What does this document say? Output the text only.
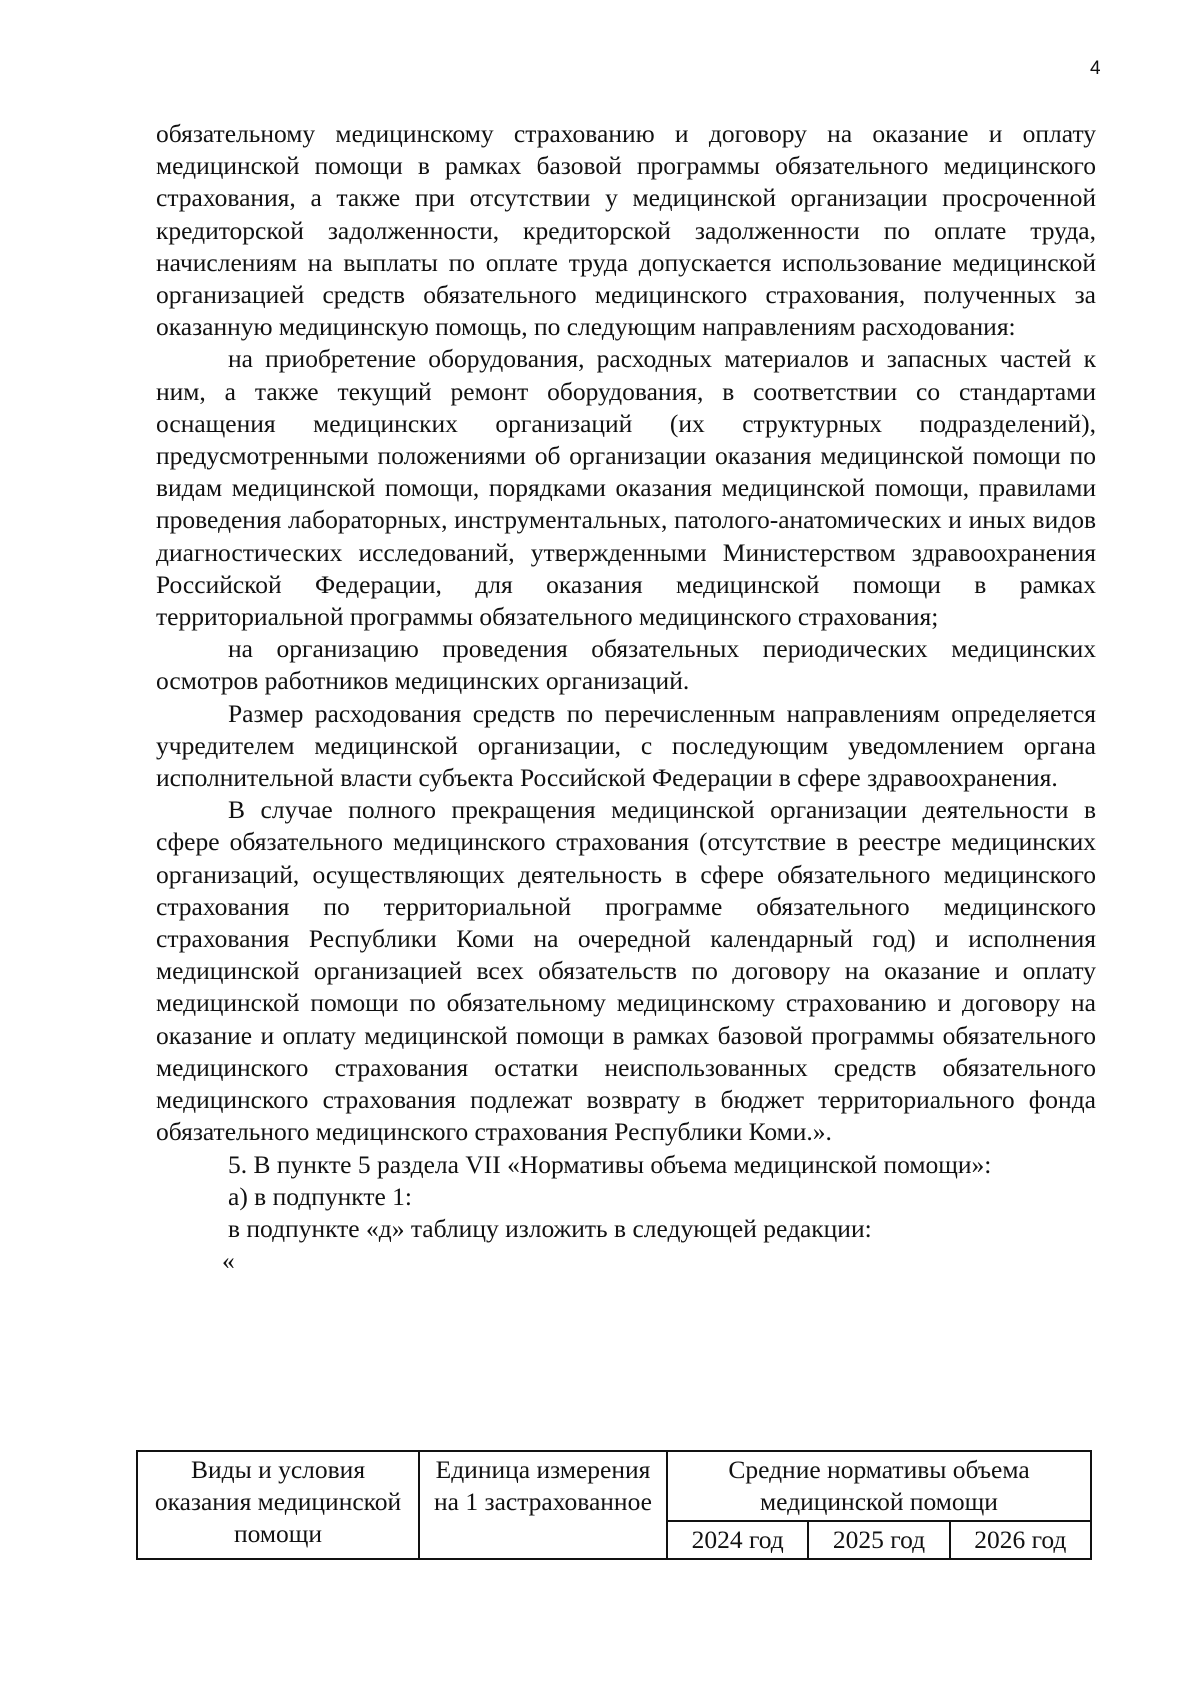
4

обязательному медицинскому страхованию и договору на оказание и оплату медицинской помощи в рамках базовой программы обязательного медицинского страхования, а также при отсутствии у медицинской организации просроченной кредиторской задолженности, кредиторской задолженности по оплате труда, начислениям на выплаты по оплате труда допускается использование медицинской организацией средств обязательного медицинского страхования, полученных за оказанную медицинскую помощь, по следующим направлениям расходования:

на приобретение оборудования, расходных материалов и запасных частей к ним, а также текущий ремонт оборудования, в соответствии со стандартами оснащения медицинских организаций (их структурных подразделений), предусмотренными положениями об организации оказания медицинской помощи по видам медицинской помощи, порядками оказания медицинской помощи, правилами проведения лабораторных, инструментальных, патолого-анатомических и иных видов диагностических исследований, утвержденными Министерством здравоохранения Российской Федерации, для оказания медицинской помощи в рамках территориальной программы обязательного медицинского страхования;

на организацию проведения обязательных периодических медицинских осмотров работников медицинских организаций.

Размер расходования средств по перечисленным направлениям определяется учредителем медицинской организации, с последующим уведомлением органа исполнительной власти субъекта Российской Федерации в сфере здравоохранения.

В случае полного прекращения медицинской организации деятельности в сфере обязательного медицинского страхования (отсутствие в реестре медицинских организаций, осуществляющих деятельность в сфере обязательного медицинского страхования по территориальной программе обязательного медицинского страхования Республики Коми на очередной календарный год) и исполнения медицинской организацией всех обязательств по договору на оказание и оплату медицинской помощи по обязательному медицинскому страхованию и договору на оказание и оплату медицинской помощи в рамках базовой программы обязательного медицинского страхования остатки неиспользованных средств обязательного медицинского страхования подлежат возврату в бюджет территориального фонда обязательного медицинского страхования Республики Коми.».

5. В пункте 5 раздела VII «Нормативы объема медицинской помощи»:

а) в подпункте 1:

в подпункте «д» таблицу изложить в следующей редакции:

«

Виды и условия оказания медицинской помощи	Единица измерения на 1 застрахованное	Средние нормативы объема медицинской помощи		
		2024 год	2025 год	2026 год
